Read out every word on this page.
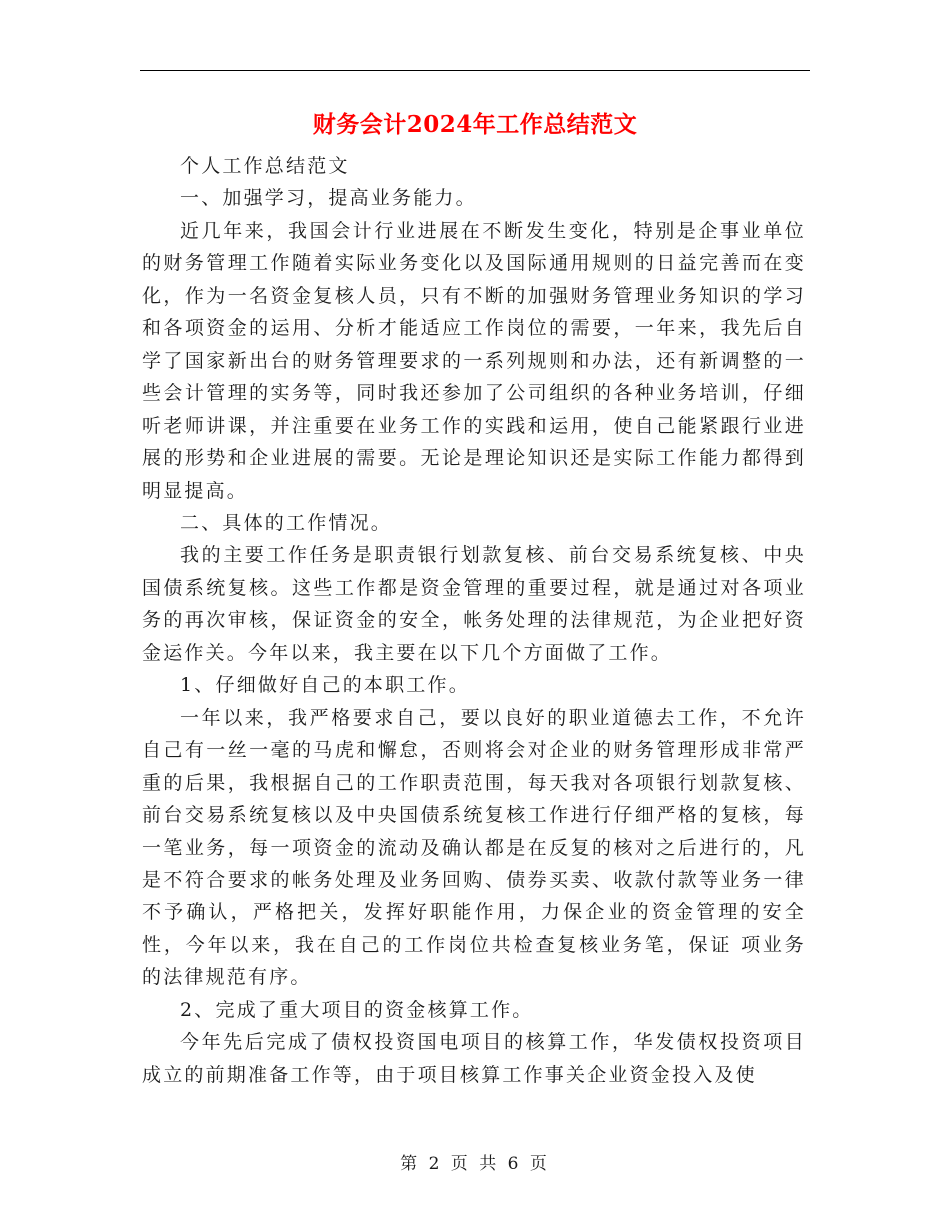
财务会计2024年工作总结范文

个人工作总结范文

一、加强学习，提高业务能力。

近几年来，我国会计行业进展在不断发生变化，特别是企事业单位的财务管理工作随着实际业务变化以及国际通用规则的日益完善而在变化，作为一名资金复核人员，只有不断的加强财务管理业务知识的学习和各项资金的运用、分析才能适应工作岗位的需要，一年来，我先后自学了国家新出台的财务管理要求的一系列规则和办法，还有新调整的一些会计管理的实务等，同时我还参加了公司组织的各种业务培训，仔细听老师讲课，并注重要在业务工作的实践和运用，使自己能紧跟行业进展的形势和企业进展的需要。无论是理论知识还是实际工作能力都得到明显提高。

二、具体的工作情况。

我的主要工作任务是职责银行划款复核、前台交易系统复核、中央国债系统复核。这些工作都是资金管理的重要过程，就是通过对各项业务的再次审核，保证资金的安全，帐务处理的法律规范，为企业把好资金运作关。今年以来，我主要在以下几个方面做了工作。

1、仔细做好自己的本职工作。

一年以来，我严格要求自己，要以良好的职业道德去工作，不允许自己有一丝一毫的马虎和懈怠，否则将会对企业的财务管理形成非常严重的后果，我根据自己的工作职责范围，每天我对各项银行划款复核、前台交易系统复核以及中央国债系统复核工作进行仔细严格的复核，每一笔业务，每一项资金的流动及确认都是在反复的核对之后进行的，凡是不符合要求的帐务处理及业务回购、债券买卖、收款付款等业务一律不予确认，严格把关，发挥好职能作用，力保企业的资金管理的安全性，今年以来，我在自己的工作岗位共检查复核业务笔，保证 项业务的法律规范有序。

2、完成了重大项目的资金核算工作。

今年先后完成了债权投资国电项目的核算工作，华发债权投资项目成立的前期准备工作等，由于项目核算工作事关企业资金投入及使

第 2 页 共 6 页
